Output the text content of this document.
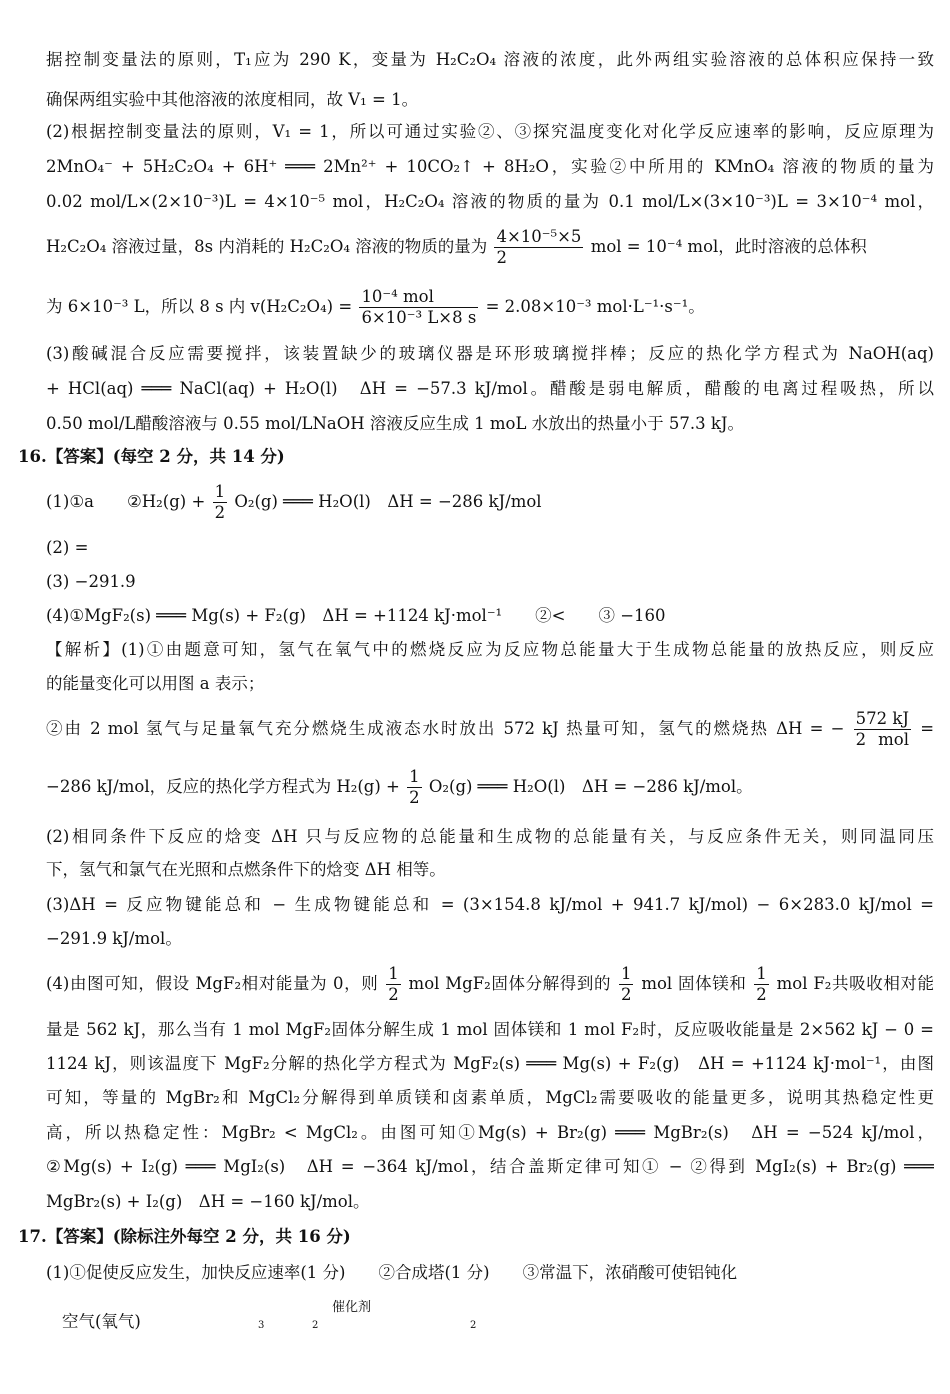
据控制变量法的原则，T₁应为 290 K，变量为 H₂C₂O₄ 溶液的浓度，此外两组实验溶液的总体积应保持一致
确保两组实验中其他溶液的浓度相同，故 V₁ = 1。
(2)根据控制变量法的原则，V₁ = 1，所以可通过实验②、③探究温度变化对化学反应速率的影响，反应原理为
2MnO₄⁻ + 5H₂C₂O₄ + 6H⁺ ═══ 2Mn²⁺ + 10CO₂↑ + 8H₂O，实验②中所用的 KMnO₄ 溶液的物质的量为
0.02 mol/L×(2×10⁻³)L = 4×10⁻⁵ mol，H₂C₂O₄ 溶液的物质的量为 0.1 mol/L×(3×10⁻³)L = 3×10⁻⁴ mol，
H₂C₂O₄ 溶液过量，8s 内消耗的 H₂C₂O₄ 溶液的物质的量为 $\frac{\text{4×10⁻⁵×5}}{2}$ mol = 10⁻⁴ mol，此时溶液的总体积
为 6×10⁻³ L，所以 8 s 内 $v(H_2C_2O_4) = \frac{\text{10⁻⁴ mol}}{\text{6×10⁻³ L×8 s}} = 2.08\times 10^{-3}$ mol·L⁻¹·s⁻¹。
(3)酸碱混合反应需要搅拌，该装置缺少的玻璃仪器是环形玻璃搅拌棒；反应的热化学方程式为 NaOH(aq)
+ HCl(aq) ═══ NaCl(aq) + H₂O(l)　ΔH = −57.3 kJ/mol。醋酸是弱电解质，醋酸的电离过程吸热，所以
0.50 mol/L醋酸溶液与 0.55 mol/LNaOH 溶液反应生成 1 moL 水放出的热量小于 57.3 kJ。
16.【答案】(每空 2 分，共 14 分)
(1)①a　　②H₂(g) + $\frac{1}{2} O_2(g)$ ═══ H₂O(l)　ΔH = −286 kJ/mol
(2) =
(3) −291.9
(4)①MgF₂(s) ═══ Mg(s) + F₂(g)　ΔH = +1124 kJ·mol⁻¹　　②<　　③ −160
【解析】(1)①由题意可知，氢气在氧气中的燃烧反应为反应物总能量大于生成物总能量的放热反应，则反应
的能量变化可以用图 a 表示；
②由 2 mol 氢气与足量氧气充分燃烧生成液态水时放出 572 kJ 热量可知，氢气的燃烧热 ΔH = − $\frac{572 kJ}{\text{2 mol}}$ =
−286 kJ/mol，反应的热化学方程式为 $H_2(g) + \frac{1}{2} O_2(g)$ ═══ H₂O(l)　ΔH = −286 kJ/mol。
(2)相同条件下反应的焓变 ΔH 只与反应物的总能量和生成物的总能量有关，与反应条件无关，则同温同压
下，氢气和氯气在光照和点燃条件下的焓变 ΔH 相等。
(3)ΔH = 反应物键能总和 − 生成物键能总和 = (3×154.8 kJ/mol + 941.7 kJ/mol) − 6×283.0 kJ/mol =
−291.9 kJ/mol。
(4)由图可知，假设 MgF₂相对能量为 0，则 $\frac{1}{2}$ mol MgF₂固体分解得到的 $\frac{1}{2}$ mol 固体镁和 $\frac{1}{2}$ mol F₂共吸收相对能
量是 562 kJ，那么当有 1 mol MgF₂固体分解生成 1 mol 固体镁和 1 mol F₂时，反应吸收能量是 2×562 kJ − 0 =
1124 kJ，则该温度下 MgF₂分解的热化学方程式为 MgF₂(s) ═══ Mg(s) + F₂(g)　ΔH = +1124 kJ·mol⁻¹，由图
可知，等量的 MgBr₂和 MgCl₂分解得到单质镁和卤素单质，MgCl₂需要吸收的能量更多，说明其热稳定性更
高，所以热稳定性：MgBr₂ < MgCl₂。由图可知①Mg(s) + Br₂(g) ═══ MgBr₂(s)　ΔH = −524 kJ/mol，
②Mg(s) + I₂(g) ═══ MgI₂(s)　ΔH = −364 kJ/mol，结合盖斯定律可知① − ②得到 MgI₂(s) + Br₂(g) ═══
MgBr₂(s) + I₂(g)　ΔH = −160 kJ/mol。
17.【答案】(除标注外每空 2 分，共 16 分)
(1)①促使反应发生，加快反应速率(1 分)　　②合成塔(1 分)　　③常温下，浓硝酸可使铝钝化
催化剂
空气(氧气)	3	2	2
